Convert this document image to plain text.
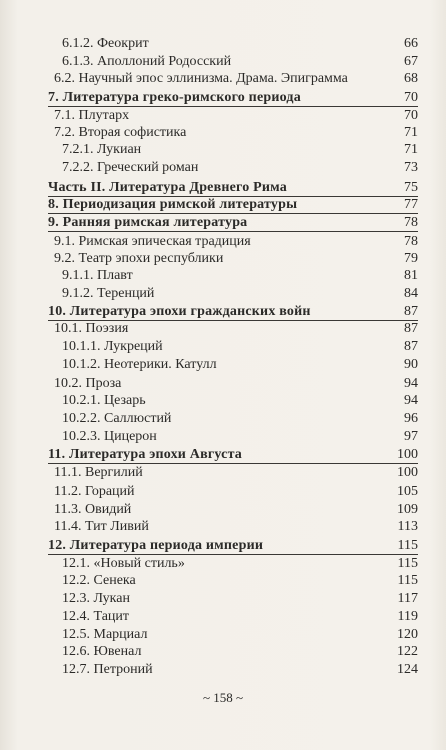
6.1.2. Феокрит	66
6.1.3. Аполлоний Родосский	67
6.2. Научный эпос эллинизма. Драма. Эпиграмма	68
7. Литература греко-римского периода	70
7.1. Плутарх	70
7.2. Вторая софистика	71
7.2.1. Лукиан	71
7.2.2. Греческий роман	73
Часть II. Литература Древнего Рима	75
8. Периодизация римской литературы	77
9. Ранняя римская литература	78
9.1. Римская эпическая традиция	78
9.2. Театр эпохи республики	79
9.1.1. Плавт	81
9.1.2. Теренций	84
10. Литература эпохи гражданских войн	87
10.1. Поэзия	87
10.1.1. Лукреций	87
10.1.2. Неотерики. Катулл	90
10.2. Проза	94
10.2.1. Цезарь	94
10.2.2. Саллюстий	96
10.2.3. Цицерон	97
11. Литература эпохи Августа	100
11.1. Вергилий	100
11.2. Гораций	105
11.3. Овидий	109
11.4. Тит Ливий	113
12. Литература периода империи	115
12.1. «Новый стиль»	115
12.2. Сенека	115
12.3. Лукан	117
12.4. Тацит	119
12.5. Марциал	120
12.6. Ювенал	122
12.7. Петроний	124
~ 158 ~
